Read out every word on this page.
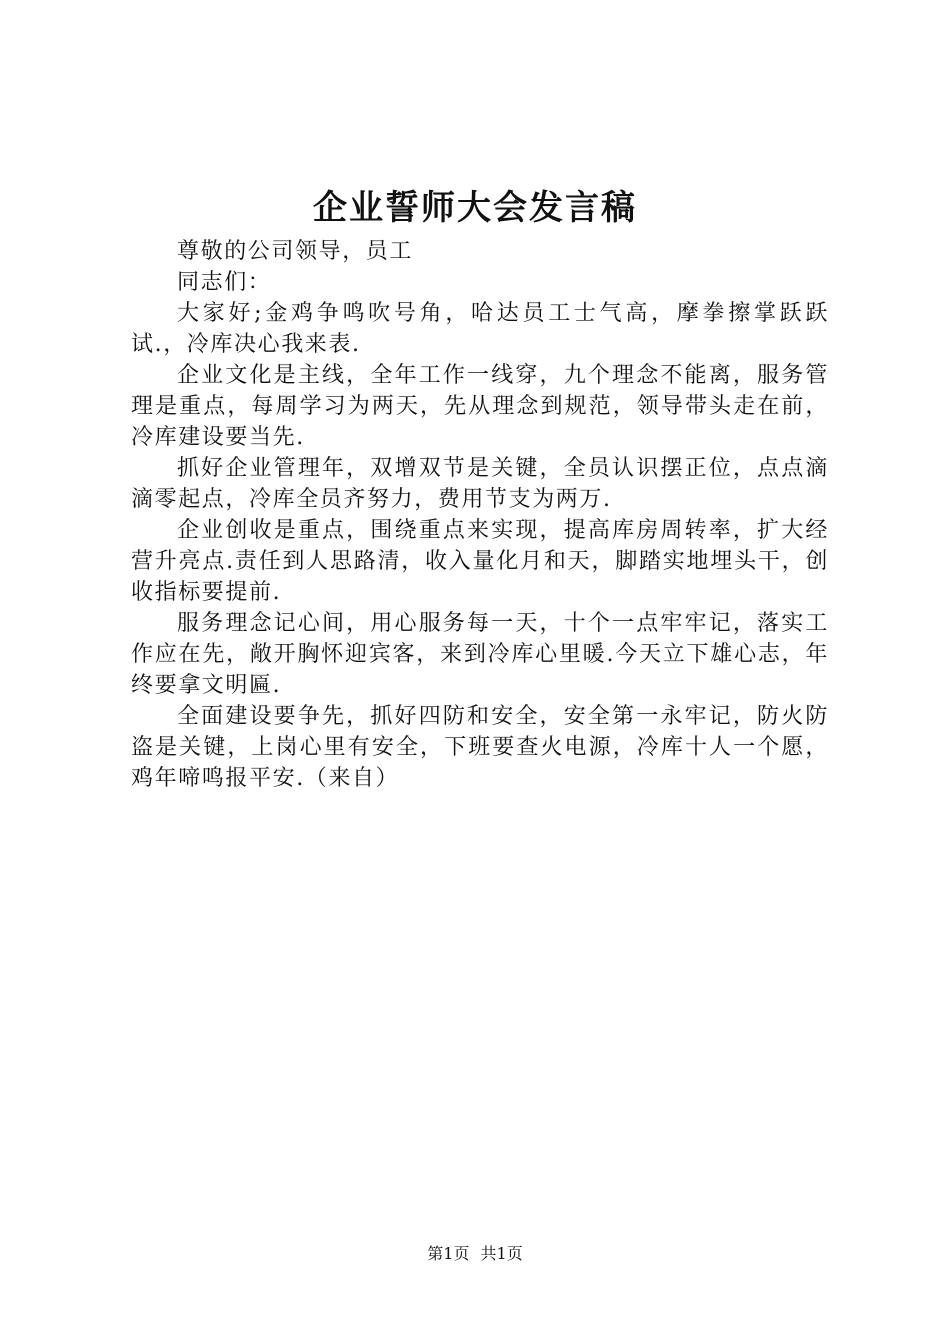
企业誓师大会发言稿

尊敬的公司领导，员工

同志们：

大家好;金鸡争鸣吹号角，哈达员工士气高，摩拳擦掌跃跃试.，冷库决心我来表.

企业文化是主线，全年工作一线穿，九个理念不能离，服务管理是重点，每周学习为两天，先从理念到规范，领导带头走在前，冷库建设要当先.

抓好企业管理年，双增双节是关键，全员认识摆正位，点点滴滴零起点，冷库全员齐努力，费用节支为两万.

企业创收是重点，围绕重点来实现，提高库房周转率，扩大经营升亮点.责任到人思路清，收入量化月和天，脚踏实地埋头干，创收指标要提前.

服务理念记心间，用心服务每一天，十个一点牢牢记，落实工作应在先，敞开胸怀迎宾客，来到冷库心里暖.今天立下雄心志，年终要拿文明匾.

全面建设要争先，抓好四防和安全，安全第一永牢记，防火防盗是关键，上岗心里有安全，下班要查火电源，冷库十人一个愿，鸡年啼鸣报平安.（来自）

第1页 共1页
